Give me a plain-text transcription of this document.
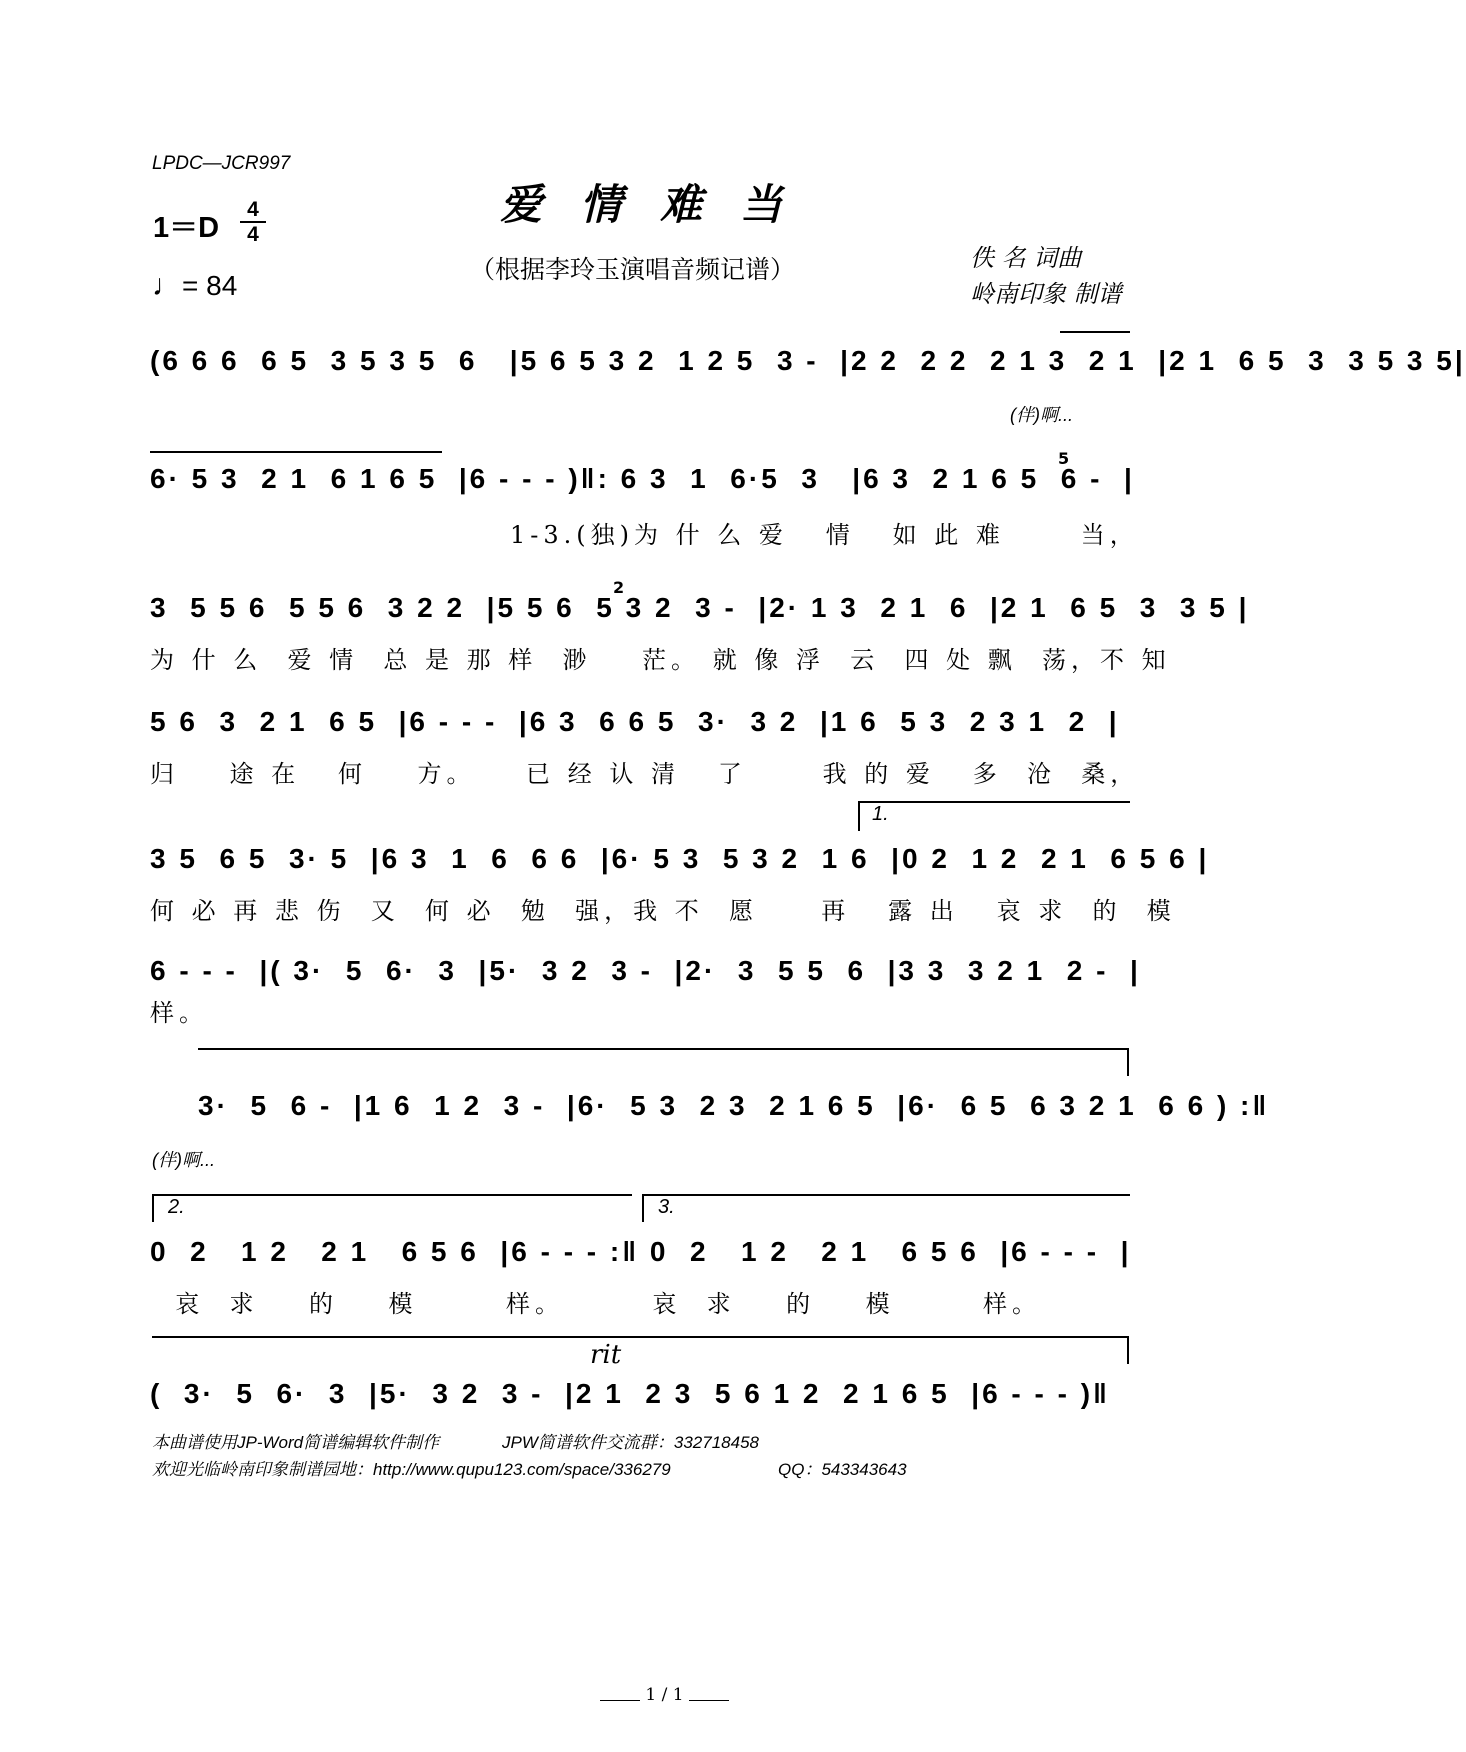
LPDC—JCR997
爱情难当
（根据李玲玉演唱音频记谱）
1＝D
4
4
♩= 84
佚 名 词曲
岭南印象 制谱
(6 6 6  6 5  3 5 3 5  6   |5 6 5 3 2  1 2 5  3 -  |2 2  2 2  2 1 3  2 1  |2 1  6 5  3  3 5 3 5|
(伴)啊...
6· 5 3  2 1  6 1 6 5  |6 - - - )‖: 6 3  1  6·5  3   |6 3  2 1 6 5  6 -  |
5
1-3.(独)为 什 么 爱   情   如 此 难      当，
3  5 5 6  5 5 6  3 2 2  |5 5 6  5 3 2  3 -  |2· 1 3  2 1  6  |2 1  6 5  3  3 5 |
2
为 什 么  爱 情  总 是 那 样  渺    茫。 就 像 浮  云  四 处 飘  荡，不 知
5 6  3  2 1  6 5  |6 - - -  |6 3  6 6 5  3·  3 2  |1 6  5 3  2 3 1  2  |
归    途 在   何    方。    已 经 认 清   了      我 的 爱   多  沧  桑，
1.
3 5  6 5  3· 5  |6 3  1  6  6 6  |6· 5 3  5 3 2  1 6  |0 2  1 2  2 1  6 5 6 |
何 必 再 悲 伤  又  何 必  勉  强，我 不  愿     再   露 出   哀 求  的  模
6 - - -  |( 3·  5  6·  3  |5·  3 2  3 -  |2·  3  5 5  6  |3 3  3 2 1  2 -  |
样。
3·  5  6 -  |1 6  1 2  3 -  |6·  5 3  2 3  2 1 6 5  |6·  6 5  6 3 2 1  6 6 ) :‖
(伴)啊...
2.	3.
0  2   1 2   2 1   6 5 6  |6 - - - :‖ 0  2   1 2   2 1   6 5 6  |6 - - -  |
哀  求    的    模       样。       哀  求    的    模       样。
rit
(  3·  5  6·  3  |5·  3 2  3 -  |2 1  2 3  5 6 1 2  2 1 6 5  |6 - - - )‖
本曲谱使用JP-Word简谱编辑软件制作	JPW简谱软件交流群：332718458
欢迎光临岭南印象制谱园地：http://www.qupu123.com/space/336279	QQ：543343643
1 / 1
